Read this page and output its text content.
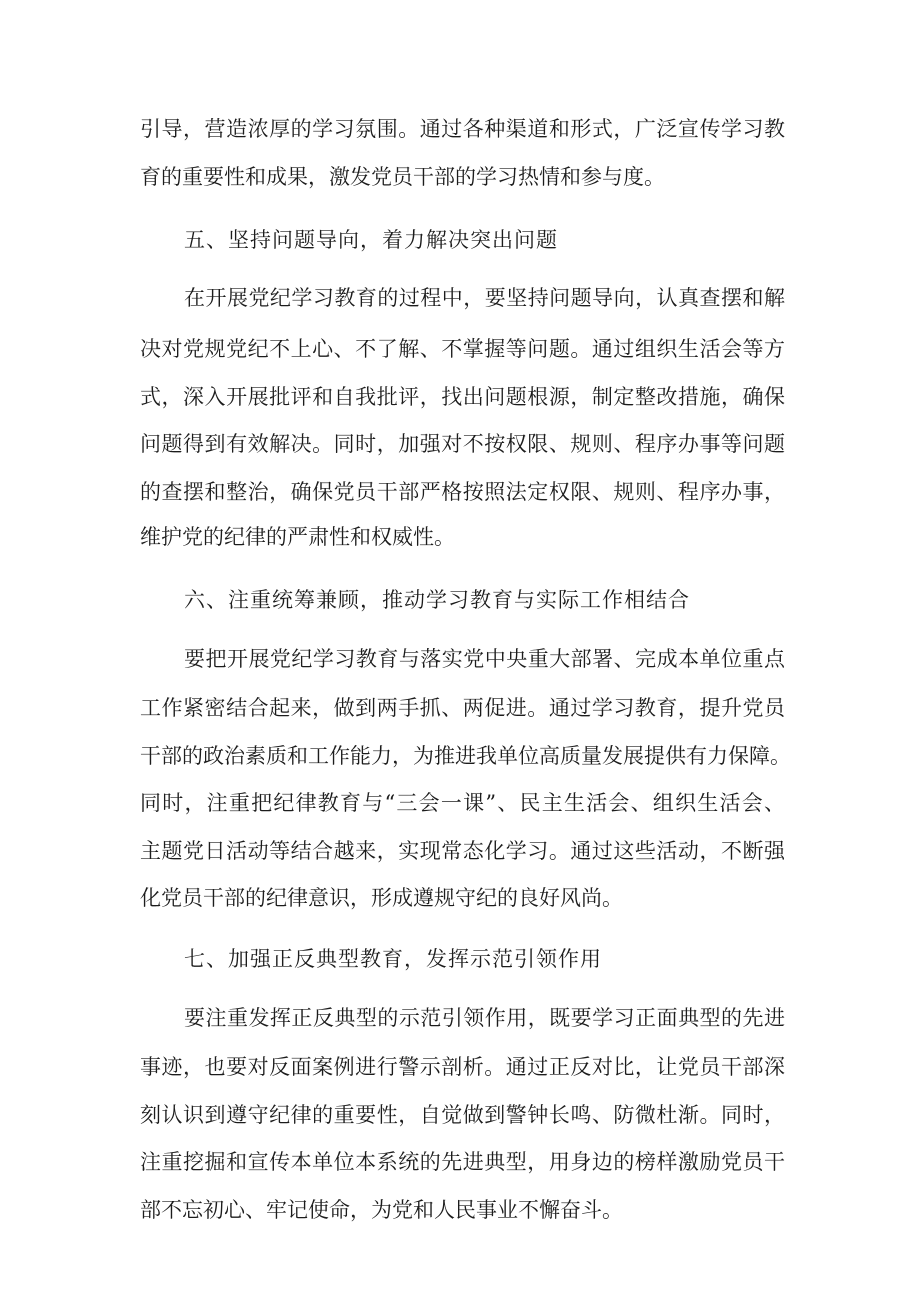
引导，营造浓厚的学习氛围。通过各种渠道和形式，广泛宣传学习教
育的重要性和成果，激发党员干部的学习热情和参与度。
五、坚持问题导向，着力解决突出问题
在开展党纪学习教育的过程中，要坚持问题导向，认真查摆和解
决对党规党纪不上心、不了解、不掌握等问题。通过组织生活会等方
式，深入开展批评和自我批评，找出问题根源，制定整改措施，确保
问题得到有效解决。同时，加强对不按权限、规则、程序办事等问题
的查摆和整治，确保党员干部严格按照法定权限、规则、程序办事，
维护党的纪律的严肃性和权威性。
六、注重统筹兼顾，推动学习教育与实际工作相结合
要把开展党纪学习教育与落实党中央重大部署、完成本单位重点
工作紧密结合起来，做到两手抓、两促进。通过学习教育，提升党员
干部的政治素质和工作能力，为推进我单位高质量发展提供有力保障。
同时，注重把纪律教育与“三会一课”、民主生活会、组织生活会、
主题党日活动等结合越来，实现常态化学习。通过这些活动，不断强
化党员干部的纪律意识，形成遵规守纪的良好风尚。
七、加强正反典型教育，发挥示范引领作用
要注重发挥正反典型的示范引领作用，既要学习正面典型的先进
事迹，也要对反面案例进行警示剖析。通过正反对比，让党员干部深
刻认识到遵守纪律的重要性，自觉做到警钟长鸣、防微杜渐。同时，
注重挖掘和宣传本单位本系统的先进典型，用身边的榜样激励党员干
部不忘初心、牢记使命，为党和人民事业不懈奋斗。
